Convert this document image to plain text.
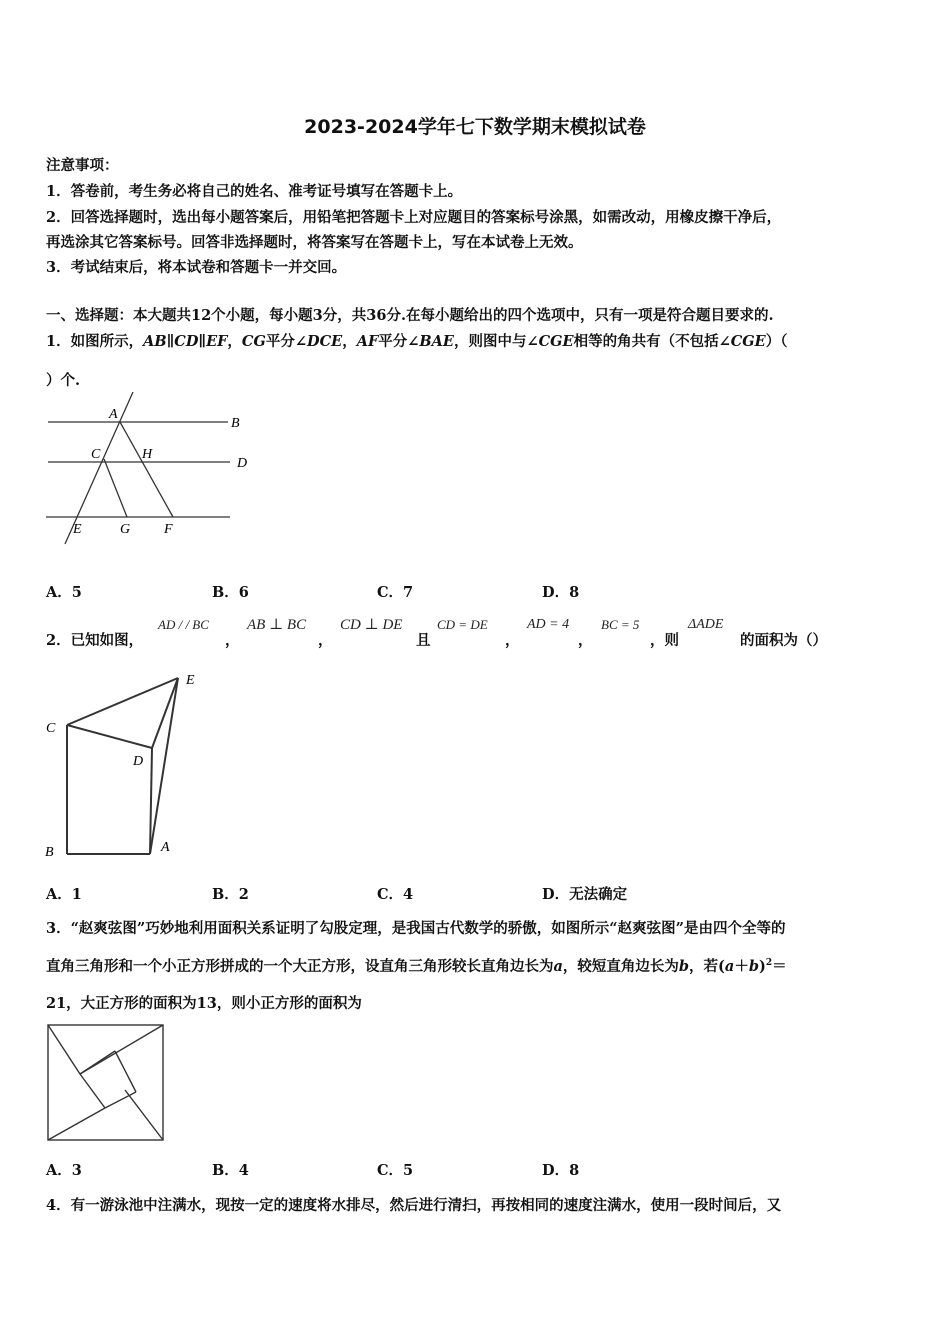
2023-2024学年七下数学期末模拟试卷
注意事项：
1．答卷前，考生务必将自己的姓名、准考证号填写在答题卡上。
2．回答选择题时，选出每小题答案后，用铅笔把答题卡上对应题目的答案标号涂黑，如需改动，用橡皮擦干净后，
再选涂其它答案标号。回答非选择题时，将答案写在答题卡上，写在本试卷上无效。
3．考试结束后，将本试卷和答题卡一并交回。
一、选择题：本大题共12个小题，每小题3分，共36分.在每小题给出的四个选项中，只有一项是符合题目要求的.
1．如图所示，AB∥CD∥EF，CG平分∠DCE，AF平分∠BAE，则图中与∠CGE相等的角共有（不包括∠CGE）（
）个.
A
B
C	H
D
E	G F
A．5	B．6	C．7	D．8
2．已知如图，
AD / / BC
，
AB ⊥ BC
，
CD ⊥ DE
且
CD = DE
，
AD = 4
，
BC = 5
，则
ΔADE
的面积为（）
E
C
D
B	A
A．1	B．2	C．4	D．无法确定
3．“赵爽弦图”巧妙地利用面积关系证明了勾股定理，是我国古代数学的骄傲，如图所示“赵爽弦图”是由四个全等的
直角三角形和一个小正方形拼成的一个大正方形，设直角三角形较长直角边长为a，较短直角边长为b，若$(a+b)^2=$
21，大正方形的面积为13，则小正方形的面积为
A．3	B．4	C．5	D．8
4．有一游泳池中注满水，现按一定的速度将水排尽，然后进行清扫，再按相同的速度注满水，使用一段时间后，又
